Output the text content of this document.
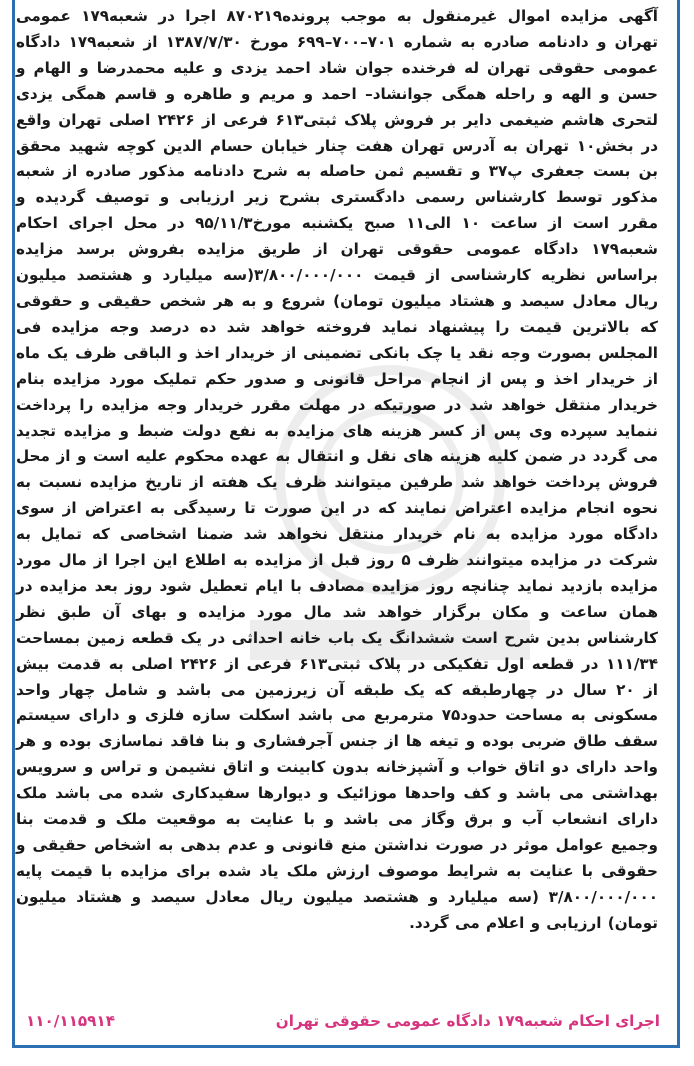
آگهی مزایده اموال غیرمنقول به موجب پرونده۸۷۰۲۱۹ اجرا در شعبه۱۷۹ عمومی تهران و دادنامه صادره به شماره ۷۰۱–۷۰۰–۶۹۹ مورخ ۱۳۸۷/۷/۳۰ از شعبه۱۷۹ دادگاه عمومی حقوقی تهران له فرخنده جوان شاد احمد یزدی و علیه محمدرضا و الهام و حسن و الهه و راحله همگی جوانشاد– احمد و مریم و طاهره و قاسم همگی یزدی لتحری هاشم ضیغمی دایر بر فروش پلاک ثبتی۶۱۳ فرعی از ۲۴۲۶ اصلی تهران واقع در بخش۱۰ تهران به آدرس تهران هفت چنار خیابان حسام الدین کوچه شهید محقق بن بست جعفری پ۳۷ و تقسیم ثمن حاصله به شرح دادنامه مذکور صادره از شعبه مذکور توسط کارشناس رسمی دادگستری بشرح زیر ارزیابی و توصیف گردیده و مقرر است از ساعت ۱۰ الی۱۱ صبح یکشنبه مورخ۹۵/۱۱/۳ در محل اجرای احکام شعبه۱۷۹ دادگاه عمومی حقوقی تهران از طریق مزایده بفروش برسد مزایده براساس نظریه کارشناسی از قیمت ۳/۸۰۰/۰۰۰/۰۰۰(سه میلیارد و هشتصد میلیون ریال معادل سیصد و هشتاد میلیون تومان) شروع و به هر شخص حقیقی و حقوقی که بالاترین قیمت را پیشنهاد نماید فروخته خواهد شد ده درصد وجه مزایده فی المجلس بصورت وجه نقد یا چک بانکی تضمینی از خریدار اخذ و الباقی ظرف یک ماه از خریدار اخذ و پس از انجام مراحل قانونی و صدور حکم تملیک مورد مزایده بنام خریدار منتقل خواهد شد در صورتیکه در مهلت مقرر خریدار وجه مزایده را پرداخت ننماید سپرده وی پس از کسر هزینه های مزایده به نفع دولت ضبط و مزایده تجدید می گردد در ضمن کلیه هزینه های نقل و انتقال به عهده محکوم علیه است و از محل فروش پرداخت خواهد شد طرفین میتوانند ظرف یک هفته از تاریخ مزایده نسبت به نحوه انجام مزایده اعتراض نمایند که در این صورت تا رسیدگی به اعتراض از سوی دادگاه مورد مزایده به نام خریدار منتقل نخواهد شد ضمنا اشخاصی که تمایل به شرکت در مزایده میتوانند ظرف ۵ روز قبل از مزایده به اطلاع این اجرا از مال مورد مزایده بازدید نماید چنانچه روز مزایده مصادف با ایام تعطیل شود روز بعد مزایده در همان ساعت و مکان برگزار خواهد شد مال مورد مزایده و بهای آن طبق نظر کارشناس بدین شرح است ششدانگ یک باب خانه احداثی در یک قطعه زمین بمساحت ۱۱۱/۳۴ در قطعه اول تفکیکی در پلاک ثبتی۶۱۳ فرعی از ۲۴۲۶ اصلی به قدمت بیش از ۲۰ سال در چهارطبقه که یک طبقه آن زیرزمین می باشد و شامل چهار واحد مسکونی به مساحت حدود۷۵ مترمربع می باشد اسکلت سازه فلزی و دارای سیستم سقف طاق ضربی بوده و تیغه ها از جنس آجرفشاری و بنا فاقد نماسازی بوده و هر واحد دارای دو اتاق خواب و آشپزخانه بدون کابینت و اتاق نشیمن و تراس و سرویس بهداشتی می باشد و کف واحدها موزائیک و دیوارها سفیدکاری شده می باشد ملک دارای انشعاب آب و برق وگاز می باشد و با عنایت به موقعیت ملک و قدمت بنا وجمیع عوامل موثر در صورت نداشتن منع قانونی و عدم بدهی به اشخاص حقیقی و حقوقی با عنایت به شرایط موصوف ارزش ملک یاد شده برای مزایده با قیمت پایه ۳/۸۰۰/۰۰۰/۰۰۰ (سه میلیارد و هشتصد میلیون ریال معادل سیصد و هشتاد میلیون تومان) ارزیابی و اعلام می گردد.

اجرای احکام شعبه۱۷۹ دادگاه عمومی حقوقی تهران
۱۱۰/۱۱۵۹۱۴
